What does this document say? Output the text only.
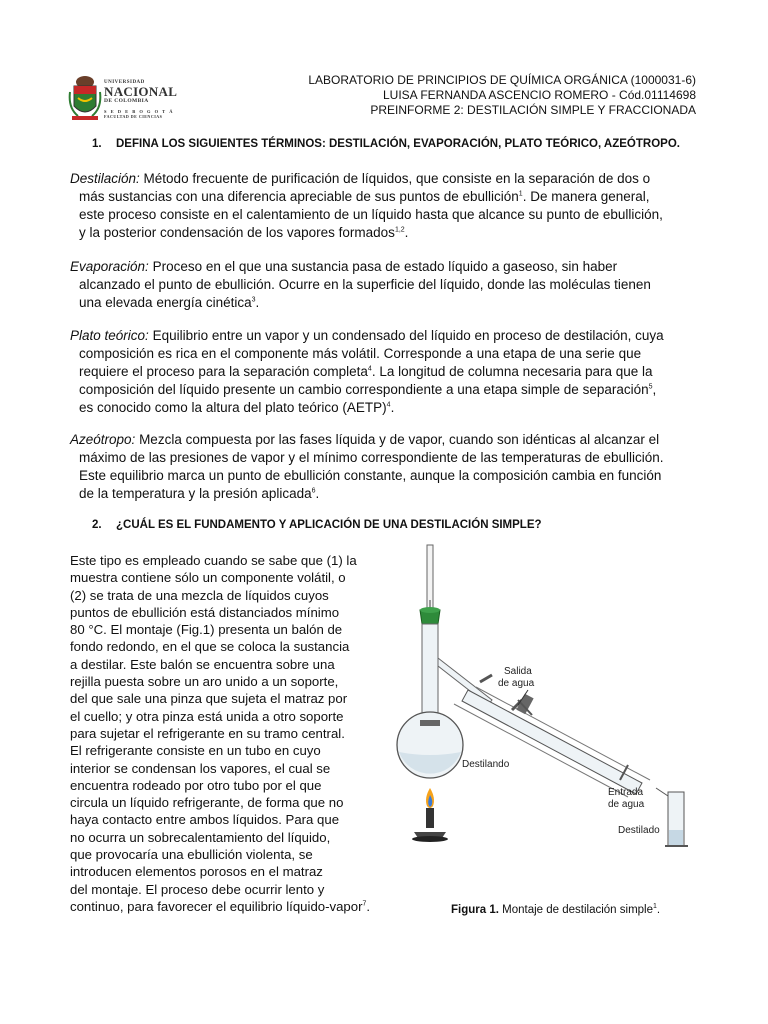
UNIVERSIDAD
NACIONAL
DE COLOMBIA
S E D E B O G O T Á
FACULTAD DE CIENCIAS
LABORATORIO DE PRINCIPIOS DE QUÍMICA ORGÁNICA (1000031-6)
LUISA FERNANDA ASCENCIO ROMERO - Cód.01114698
PREINFORME 2: DESTILACIÓN SIMPLE Y FRACCIONADA
1. DEFINA LOS SIGUIENTES TÉRMINOS: DESTILACIÓN, EVAPORACIÓN, PLATO TEÓRICO, AZEÓTROPO.
Destilación: Método frecuente de purificación de líquidos, que consiste en la separación de dos o
más sustancias con una diferencia apreciable de sus puntos de ebullición$^1$. De manera general,
este proceso consiste en el calentamiento de un líquido hasta que alcance su punto de ebullición,
y la posterior condensación de los vapores formados$^{1,2}$.
Evaporación: Proceso en el que una sustancia pasa de estado líquido a gaseoso, sin haber
alcanzado el punto de ebullición. Ocurre en la superficie del líquido, donde las moléculas tienen
una elevada energía cinética$^3$.
Plato teórico: Equilibrio entre un vapor y un condensado del líquido en proceso de destilación, cuya
composición es rica en el componente más volátil. Corresponde a una etapa de una serie que
requiere el proceso para la separación completa$^4$. La longitud de columna necesaria para que la
composición del líquido presente un cambio correspondiente a una etapa simple de separación$^5$,
es conocido como la altura del plato teórico (AETP)$^4$.
Azeótropo: Mezcla compuesta por las fases líquida y de vapor, cuando son idénticas al alcanzar el
máximo de las presiones de vapor y el mínimo correspondiente de las temperaturas de ebullición.
Este equilibrio marca un punto de ebullición constante, aunque la composición cambia en función
de la temperatura y la presión aplicada$^6$.
2. ¿CUÁL ES EL FUNDAMENTO Y APLICACIÓN DE UNA DESTILACIÓN SIMPLE?
Este tipo es empleado cuando se sabe que (1) la
muestra contiene sólo un componente volátil, o
(2) se trata de una mezcla de líquidos cuyos
puntos de ebullición está distanciados mínimo
80 °C. El montaje (Fig.1) presenta un balón de
fondo redondo, en el que se coloca la sustancia
a destilar. Este balón se encuentra sobre una
rejilla puesta sobre un aro unido a un soporte,
del que sale una pinza que sujeta el matraz por
el cuello; y otra pinza está unida a otro soporte
para sujetar el refrigerante en su tramo central.
El refrigerante consiste en un tubo en cuyo
interior se condensan los vapores, el cual se
encuentra rodeado por otro tubo por el que
circula un líquido refrigerante, de forma que no
haya contacto entre ambos líquidos. Para que
no ocurra un sobrecalentamiento del líquido,
que provocaría una ebullición violenta, se
introducen elementos porosos en el matraz
del montaje. El proceso debe ocurrir lento y
continuo, para favorecer el equilibrio líquido-vapor$^7$.
Salida
de agua
Destilando
Entrada
de agua
Destilado
Figura 1. Montaje de destilación simple$^1$.
